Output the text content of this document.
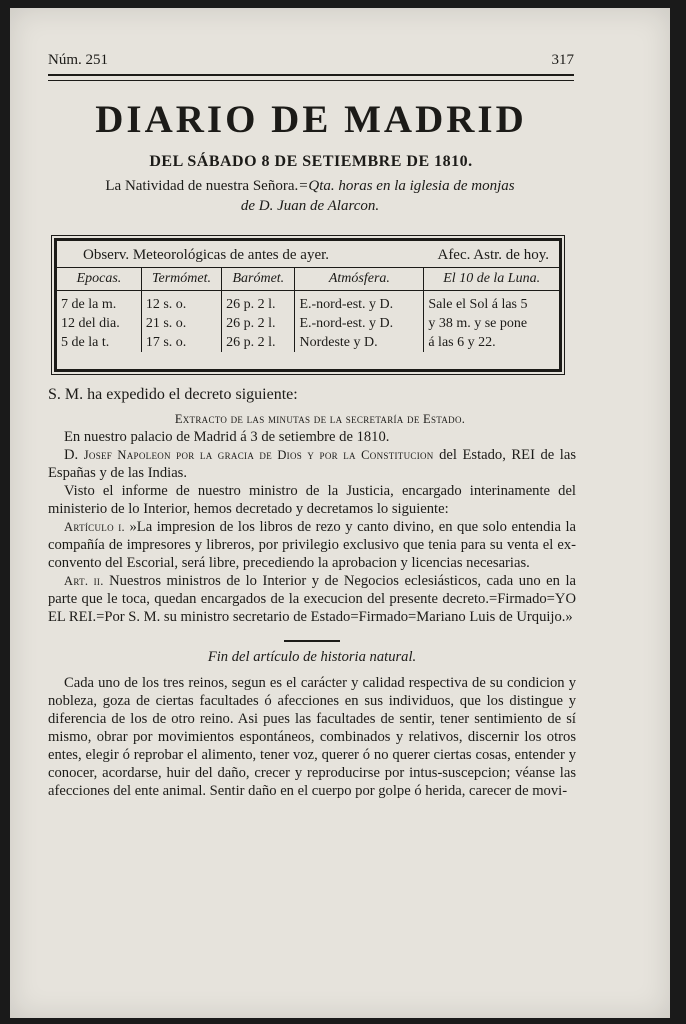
Núm. 251	317
DIARIO DE MADRID
DEL SÁBADO 8 DE SETIEMBRE DE 1810.
La Natividad de nuestra Señora.=Qta. horas en la iglesia de monjas
de D. Juan de Alarcon.
Observ. Meteorológicas de antes de ayer.	Afec. Astr. de hoy.
Epocas.	Termómet.	Barómet.	Atmósfera.	El 10 de la Luna.
7 de la m.	12 s. o.	26 p. 2 l.	E.-nord-est. y D.	Sale el Sol á las 5
12 del dia.	21 s. o.	26 p. 2 l.	E.-nord-est. y D.	y 38 m. y se pone
5 de la t.	17 s. o.	26 p. 2 l.	Nordeste y D.	á las 6 y 22.

S. M. ha expedido el decreto siguiente:

Extracto de las minutas de la secretaría de Estado.

En nuestro palacio de Madrid á 3 de setiembre de 1810.

D. Josef Napoleon por la gracia de Dios y por la Constitucion del Estado, REI de las Españas y de las Indias.

Visto el informe de nuestro ministro de la Justicia, encargado interinamente del ministerio de lo Interior, hemos decretado y decretamos lo siguiente:

Artículo i. »La impresion de los libros de rezo y canto divino, en que solo entendia la compañía de impresores y libreros, por privilegio exclusivo que tenia para su venta el ex-convento del Escorial, será libre, precediendo la aprobacion y licencias necesarias.

Art. ii. Nuestros ministros de lo Interior y de Negocios eclesiásticos, cada uno en la parte que le toca, quedan encargados de la execucion del presente decreto.=Firmado=YO EL REI.=Por S. M. su ministro secretario de Estado=Firmado=Mariano Luis de Urquijo.»

Fin del artículo de historia natural.

Cada uno de los tres reinos, segun es el carácter y calidad respectiva de su condicion y nobleza, goza de ciertas facultades ó afecciones en sus individuos, que los distingue y diferencia de los de otro reino. Asi pues las facultades de sentir, tener sentimiento de sí mismo, obrar por movimientos espontáneos, combinados y relativos, discernir los otros entes, elegir ó reprobar el alimento, tener voz, querer ó no querer ciertas cosas, entender y conocer, acordarse, huir del daño, crecer y reproducirse por intus-suscepcion; véanse las afecciones del ente animal. Sentir daño en el cuerpo por golpe ó herida, carecer de movi-
